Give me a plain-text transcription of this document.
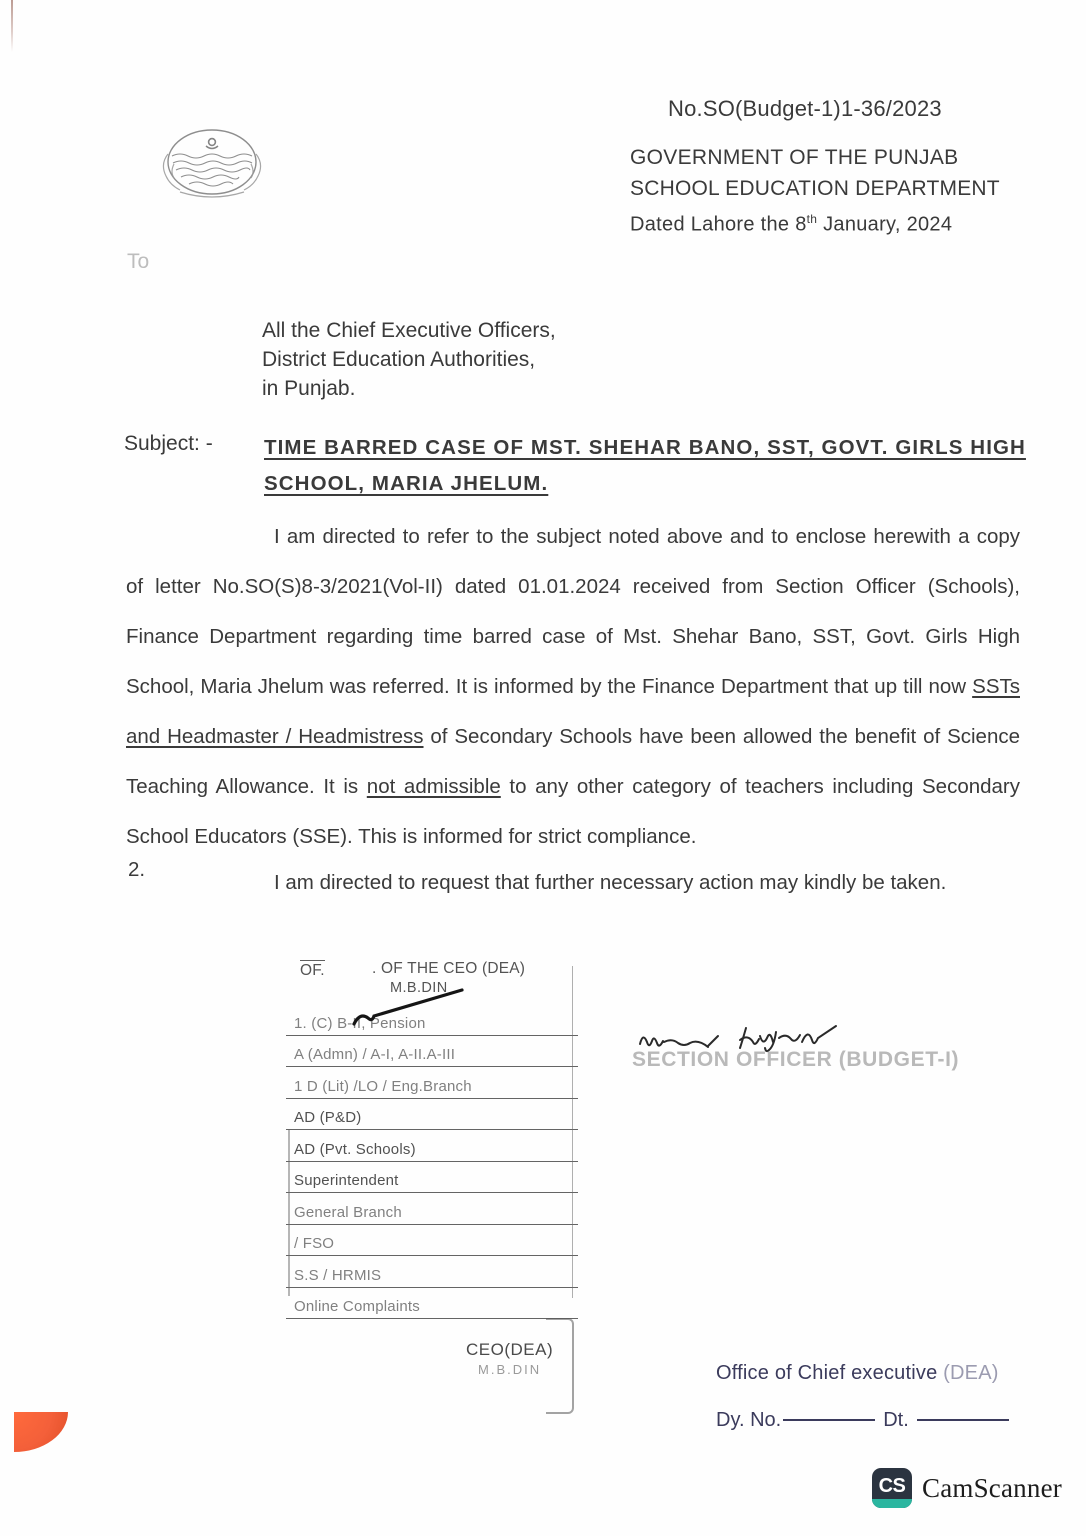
No.SO(Budget-1)1-36/2023
GOVERNMENT OF THE PUNJAB
SCHOOL EDUCATION DEPARTMENT
Dated Lahore the 8th January, 2024
To
All the Chief Executive Officers,
District Education Authorities,
in Punjab.
Subject: -	TIME BARRED CASE OF MST. SHEHAR BANO, SST, GOVT. GIRLS HIGH SCHOOL, MARIA JHELUM.
I am directed to refer to the subject noted above and to enclose herewith a copy of letter No.SO(S)8-3/2021(Vol-II) dated 01.01.2024 received from Section Officer (Schools), Finance Department regarding time barred case of Mst. Shehar Bano, SST, Govt. Girls High School, Maria Jhelum was referred. It is informed by the Finance Department that up till now SSTs and Headmaster / Headmistress of Secondary Schools have been allowed the benefit of Science Teaching Allowance. It is not admissible to any other category of teachers including Secondary School Educators (SSE). This is informed for strict compliance.
2.
I am directed to request that further necessary action may kindly be taken.
OF.	. OF THE CEO (DEA)
M.B.DIN
1. (C) B-II, Pension
A (Admn) / A-I, A-II.A-III
1 D (Lit) /LO / Eng.Branch
AD (P&D)
AD (Pvt. Schools)
Superintendent
General Branch
/ FSO
S.S / HRMIS
Online Complaints
CEO(DEA)
M.B.DIN
SECTION OFFICER (BUDGET-I)
Office of Chief executive (DEA)
Dy. No.	Dt.
CS CamScanner
